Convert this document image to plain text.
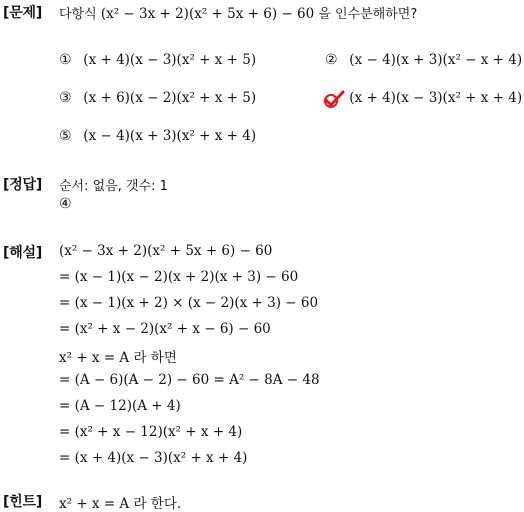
[문제] 다항식 (x² − 3x + 2)(x² + 5x + 6) − 60 을 인수분해하면?
① (x + 4)(x − 3)(x² + x + 5)	② (x − 4)(x + 3)(x² − x + 4)
③ (x + 6)(x − 2)(x² + x + 5)	(x + 4)(x − 3)(x² + x + 4)
⑤ (x − 4)(x + 3)(x² + x + 4)
[정답] 순서: 없음, 갯수: 1
④
[해설] (x² − 3x + 2)(x² + 5x + 6) − 60
= (x − 1)(x − 2)(x + 2)(x + 3) − 60
= (x − 1)(x + 2) × (x − 2)(x + 3) − 60
= (x² + x − 2)(x² + x − 6) − 60
x² + x = A 라 하면
= (A − 6)(A − 2) − 60 = A² − 8A − 48
= (A − 12)(A + 4)
= (x² + x − 12)(x² + x + 4)
= (x + 4)(x − 3)(x² + x + 4)
[힌트] x² + x = A 라 한다.
